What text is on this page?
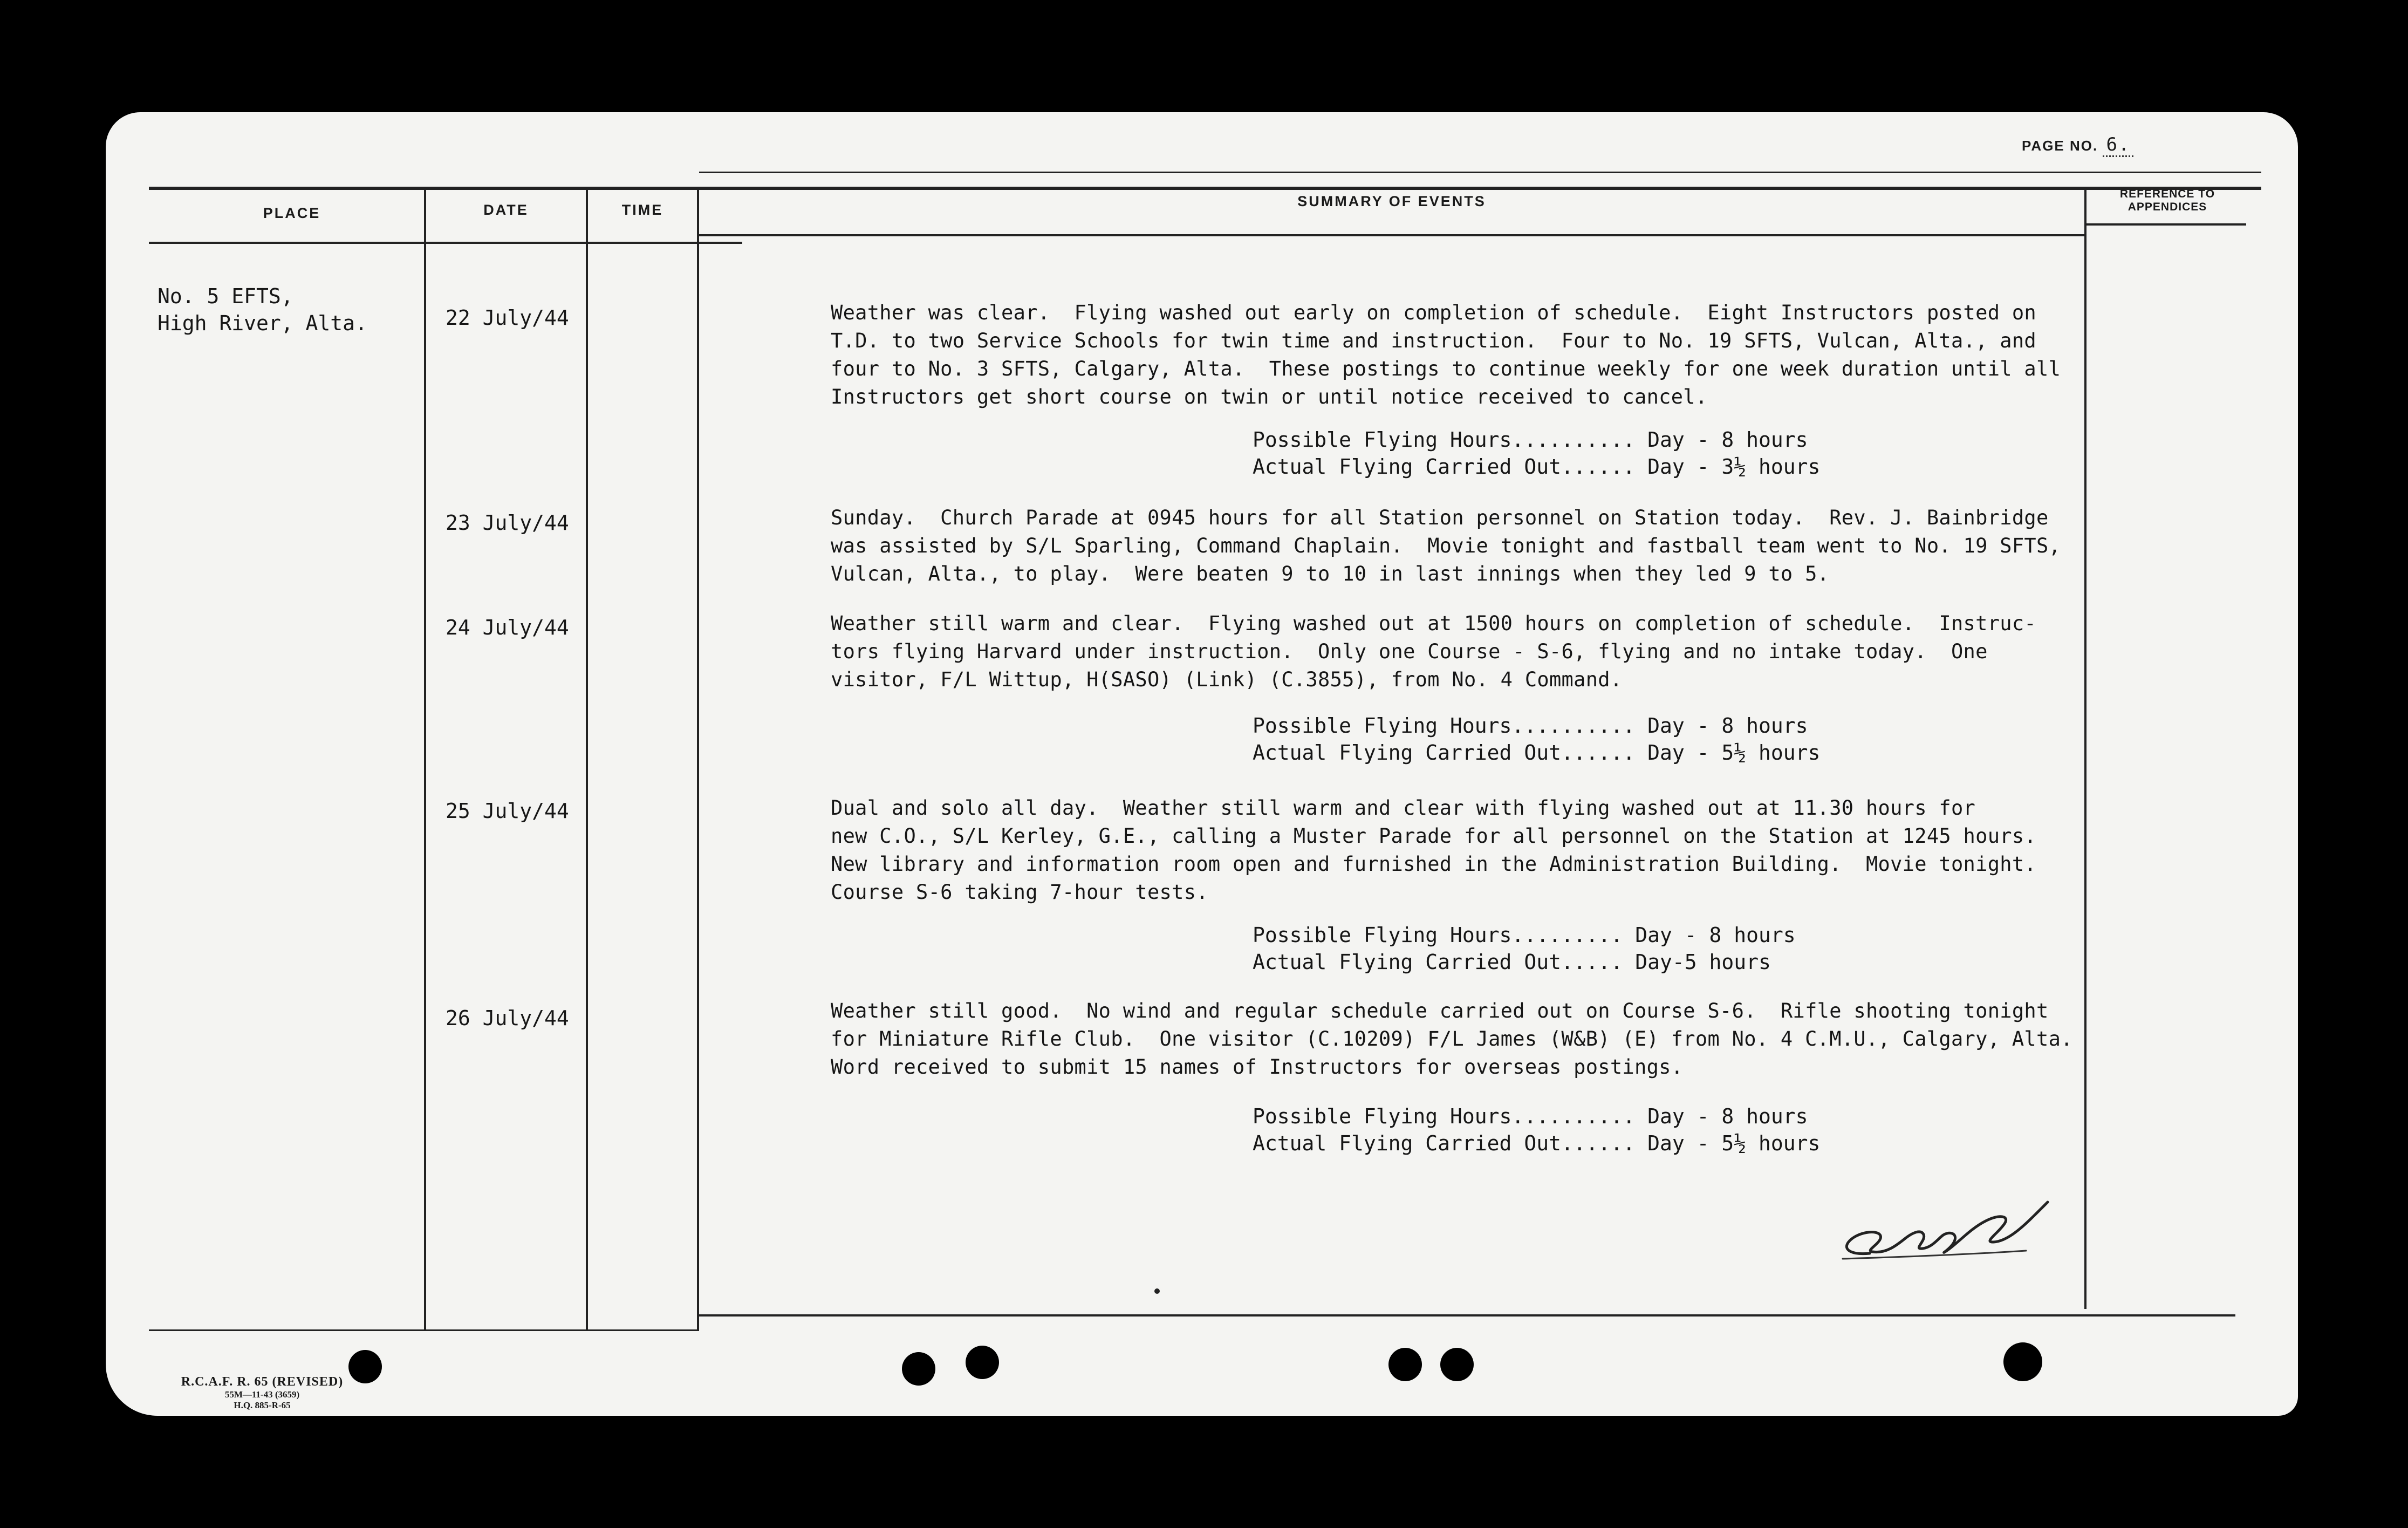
PAGE NO. 6.
PLACE	DATE	TIME
SUMMARY OF EVENTS	REFERENCE TO
APPENDICES
No. 5 EFTS,
High River, Alta.	22 July/44	Weather was clear.  Flying washed out early on completion of schedule.  Eight Instructors posted on
T.D. to two Service Schools for twin time and instruction.  Four to No. 19 SFTS, Vulcan, Alta., and
four to No. 3 SFTS, Calgary, Alta.  These postings to continue weekly for one week duration until all
Instructors get short course on twin or until notice received to cancel.
Possible Flying Hours.......... Day - 8 hours
Actual Flying Carried Out...... Day - 3½ hours
23 July/44	Sunday.  Church Parade at 0945 hours for all Station personnel on Station today.  Rev. J. Bainbridge
was assisted by S/L Sparling, Command Chaplain.  Movie tonight and fastball team went to No. 19 SFTS,
Vulcan, Alta., to play.  Were beaten 9 to 10 in last innings when they led 9 to 5.
24 July/44	Weather still warm and clear.  Flying washed out at 1500 hours on completion of schedule.  Instruc-
tors flying Harvard under instruction.  Only one Course - S-6, flying and no intake today.  One
visitor, F/L Wittup, H(SASO) (Link) (C.3855), from No. 4 Command.
Possible Flying Hours.......... Day - 8 hours
Actual Flying Carried Out...... Day - 5½ hours
25 July/44	Dual and solo all day.  Weather still warm and clear with flying washed out at 11.30 hours for
new C.O., S/L Kerley, G.E., calling a Muster Parade for all personnel on the Station at 1245 hours.
New library and information room open and furnished in the Administration Building.  Movie tonight.
Course S-6 taking 7-hour tests.
Possible Flying Hours......... Day - 8 hours
Actual Flying Carried Out..... Day-5 hours
26 July/44	Weather still good.  No wind and regular schedule carried out on Course S-6.  Rifle shooting tonight
for Miniature Rifle Club.  One visitor (C.10209) F/L James (W&B) (E) from No. 4 C.M.U., Calgary, Alta.
Word received to submit 15 names of Instructors for overseas postings.
Possible Flying Hours.......... Day - 8 hours
Actual Flying Carried Out...... Day - 5½ hours
R.C.A.F. R. 65 (REVISED)
55M—11-43 (3659)
H.Q. 885-R-65
